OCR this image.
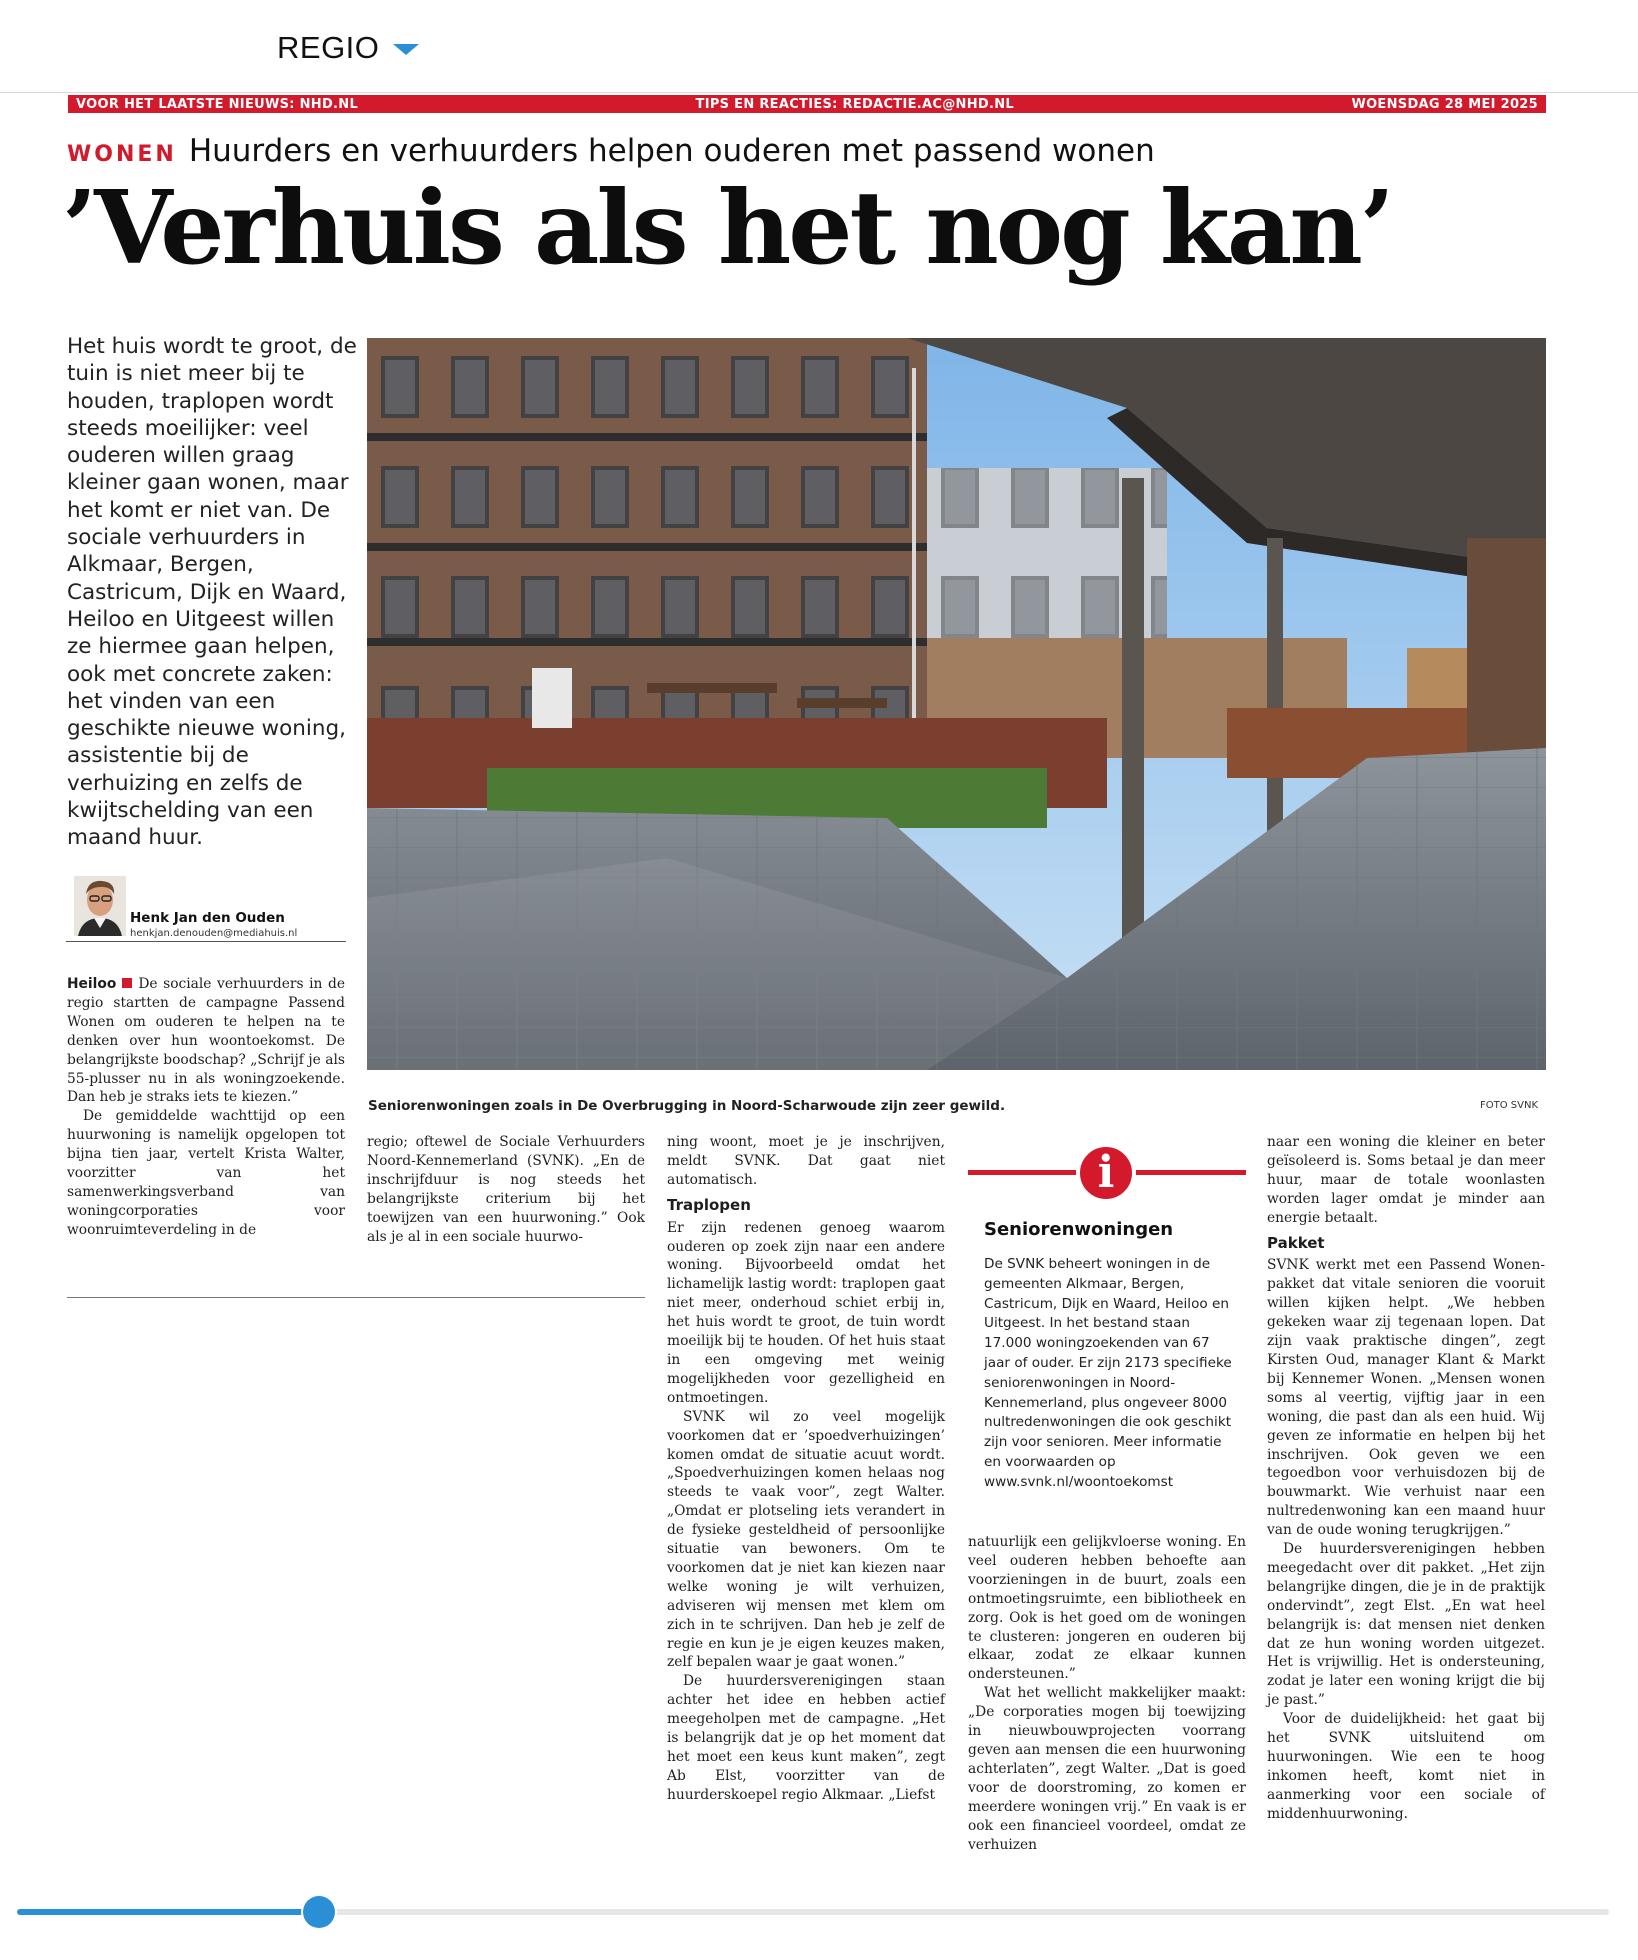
REGIO
VOOR HET LAATSTE NIEUWS: NHD.NL	TIPS EN REACTIES: REDACTIE.AC@NHD.NL	WOENSDAG 28 MEI 2025
WONEN Huurders en verhuurders helpen ouderen met passend wonen
’Verhuis als het nog kan’
Het huis wordt te groot, de tuin is niet meer bij te houden, traplopen wordt steeds moeilijker: veel ouderen willen graag kleiner gaan wonen, maar het komt er niet van. De sociale verhuurders in Alkmaar, Bergen, Castricum, Dijk en Waard, Heiloo en Uitgeest willen ze hiermee gaan helpen, ook met concrete zaken: het vinden van een geschikte nieuwe woning, assistentie bij de verhuizing en zelfs de kwijtschelding van een maand huur.
Henk Jan den Ouden
henkjan.denouden@mediahuis.nl
Seniorenwoningen zoals in De Overbrugging in Noord-Scharwoude zijn zeer gewild.	FOTO SVNK

Heiloo De sociale verhuurders in de regio startten de campagne Passend Wonen om ouderen te helpen na te denken over hun woontoekomst. De belangrijkste boodschap? „Schrijf je als 55-plusser nu in als woningzoekende. Dan heb je straks iets te kiezen.”

De gemiddelde wachttijd op een huurwoning is namelijk opgelopen tot bijna tien jaar, vertelt Krista Walter, voorzitter van het samenwerkingsverband van woningcorporaties voor woonruimteverdeling in de

regio; oftewel de Sociale Verhuurders Noord-Kennemerland (SVNK). „En de inschrijfduur is nog steeds het belangrijkste criterium bij het toewijzen van een huurwoning.” Ook als je al in een sociale huurwo-

ning woont, moet je je inschrijven, meldt SVNK. Dat gaat niet automatisch.

Traplopen

Er zijn redenen genoeg waarom ouderen op zoek zijn naar een andere woning. Bijvoorbeeld omdat het lichamelijk lastig wordt: traplopen gaat niet meer, onderhoud schiet erbij in, het huis wordt te groot, de tuin wordt moeilijk bij te houden. Of het huis staat in een omgeving met weinig mogelijkheden voor gezelligheid en ontmoetingen.

SVNK wil zo veel mogelijk voorkomen dat er ’spoedverhuizingen’ komen omdat de situatie acuut wordt. „Spoedverhuizingen komen helaas nog steeds te vaak voor”, zegt Walter. „Omdat er plotseling iets verandert in de fysieke gesteldheid of persoonlijke situatie van bewoners. Om te voorkomen dat je niet kan kiezen naar welke woning je wilt verhuizen, adviseren wij mensen met klem om zich in te schrijven. Dan heb je zelf de regie en kun je je eigen keuzes maken, zelf bepalen waar je gaat wonen.”

De huurdersverenigingen staan achter het idee en hebben actief meegeholpen met de campagne. „Het is belangrijk dat je op het moment dat het moet een keus kunt maken”, zegt Ab Elst, voorzitter van de huurderskoepel regio Alkmaar. „Liefst

i
Seniorenwoningen
De SVNK beheert woningen in de gemeenten Alkmaar, Bergen, Castricum, Dijk en Waard, Heiloo en Uitgeest. In het bestand staan 17.000 woningzoekenden van 67 jaar of ouder. Er zijn 2173 specifieke seniorenwoningen in Noord-Kennemerland, plus ongeveer 8000 nultredenwoningen die ook geschikt zijn voor senioren. Meer informatie en voorwaarden op www.svnk.nl/woontoekomst

natuurlijk een gelijkvloerse woning. En veel ouderen hebben behoefte aan voorzieningen in de buurt, zoals een ontmoetingsruimte, een bibliotheek en zorg. Ook is het goed om de woningen te clusteren: jongeren en ouderen bij elkaar, zodat ze elkaar kunnen ondersteunen.”

Wat het wellicht makkelijker maakt: „De corporaties mogen bij toewijzing in nieuwbouwprojecten voorrang geven aan mensen die een huurwoning achterlaten”, zegt Walter. „Dat is goed voor de doorstroming, zo komen er meerdere woningen vrij.” En vaak is er ook een financieel voordeel, omdat ze verhuizen

naar een woning die kleiner en beter geïsoleerd is. Soms betaal je dan meer huur, maar de totale woonlasten worden lager omdat je minder aan energie betaalt.

Pakket

SVNK werkt met een Passend Wonen-pakket dat vitale senioren die vooruit willen kijken helpt. „We hebben gekeken waar zij tegenaan lopen. Dat zijn vaak praktische dingen”, zegt Kirsten Oud, manager Klant & Markt bij Kennemer Wonen. „Mensen wonen soms al veertig, vijftig jaar in een woning, die past dan als een huid. Wij geven ze informatie en helpen bij het inschrijven. Ook geven we een tegoedbon voor verhuisdozen bij de bouwmarkt. Wie verhuist naar een nultredenwoning kan een maand huur van de oude woning terugkrijgen.”

De huurdersverenigingen hebben meegedacht over dit pakket. „Het zijn belangrijke dingen, die je in de praktijk ondervindt”, zegt Elst. „En wat heel belangrijk is: dat mensen niet denken dat ze hun woning worden uitgezet. Het is vrijwillig. Het is ondersteuning, zodat je later een woning krijgt die bij je past.”

Voor de duidelijkheid: het gaat bij het SVNK uitsluitend om huurwoningen. Wie een te hoog inkomen heeft, komt niet in aanmerking voor een sociale of middenhuurwoning.
